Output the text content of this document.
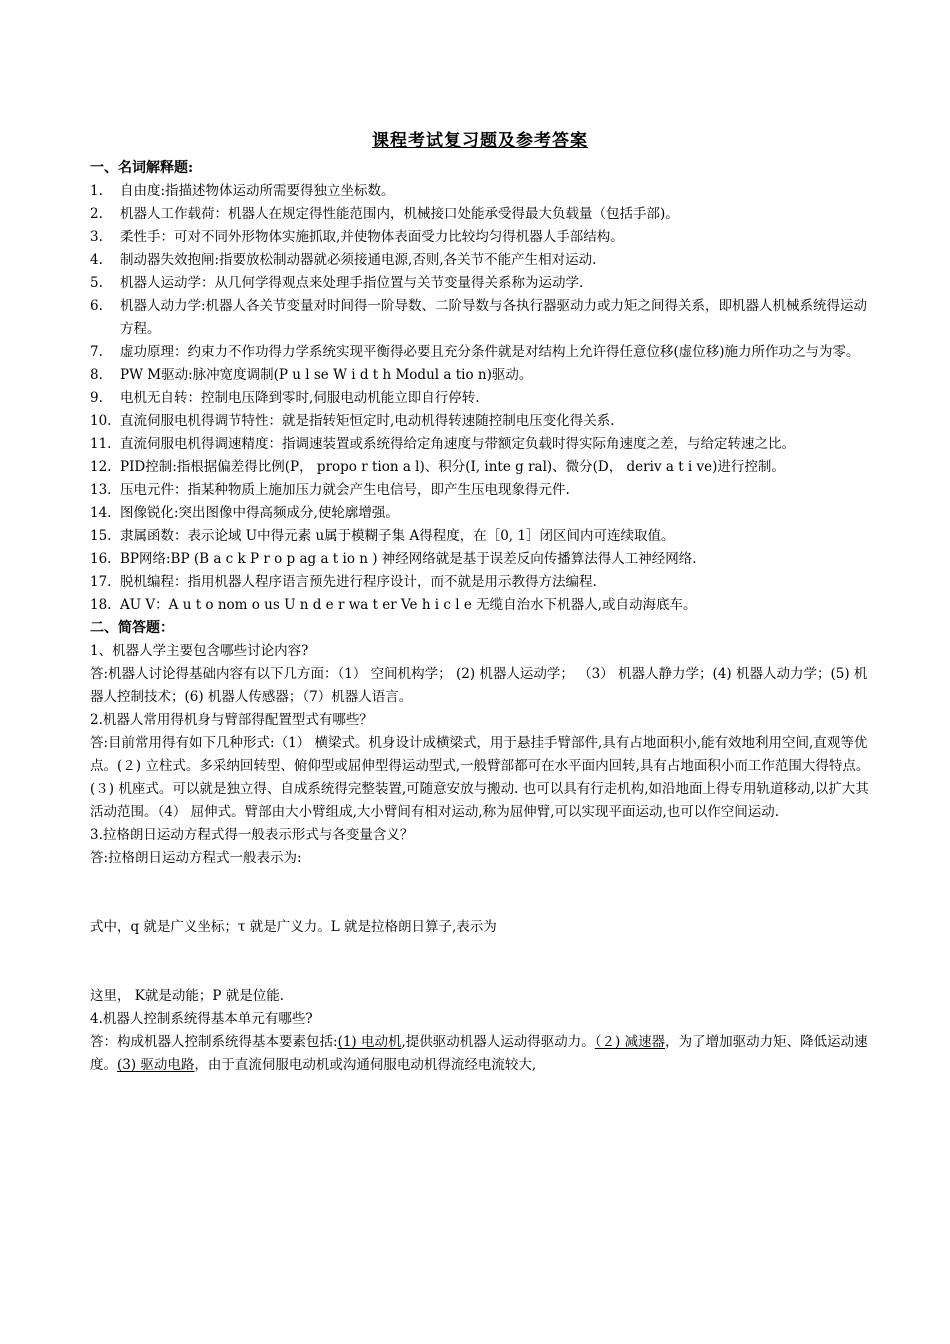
课程考试复习题及参考答案
一、名词解释题:
1. 自由度:指描述物体运动所需要得独立坐标数。
2. 机器人工作载荷：机器人在规定得性能范围内，机械接口处能承受得最大负载量（包括手部)。
3. 柔性手：可对不同外形物体实施抓取,并使物体表面受力比较均匀得机器人手部结构。
4. 制动器失效抱闸:指要放松制动器就必须接通电源,否则,各关节不能产生相对运动.
5. 机器人运动学：从几何学得观点来处理手指位置与关节变量得关系称为运动学.
6. 机器人动力学:机器人各关节变量对时间得一阶导数、二阶导数与各执行器驱动力或力矩之间得关系，即机器人机械系统得运动方程。
7. 虚功原理：约束力不作功得力学系统实现平衡得必要且充分条件就是对结构上允许得任意位移(虚位移)施力所作功之与为零。
8. PW M驱动:脉冲宽度调制(P u l se W i d t h Modul a tio n)驱动。
9. 电机无自转：控制电压降到零时,伺服电动机能立即自行停转.
10. 直流伺服电机得调节特性：就是指转矩恒定时,电动机得转速随控制电压变化得关系.
11. 直流伺服电机得调速精度：指调速装置或系统得给定角速度与带额定负载时得实际角速度之差，与给定转速之比。
12. PID控制:指根据偏差得比例(P， propo r tion a l)、积分(I, inte g ral)、微分(D， deriv a t i ve)进行控制。
13. 压电元件：指某种物质上施加压力就会产生电信号，即产生压电现象得元件.
14. 图像锐化:突出图像中得高频成分,使轮廓增强。
15. 隶属函数：表示论域 U中得元素 u属于模糊子集 A得程度，在［0, 1］闭区间内可连续取值。
16. BP网络:BP (B a c k P r o p ag a t io n ) 神经网络就是基于误差反向传播算法得人工神经网络.
17. 脱机编程：指用机器人程序语言预先进行程序设计，而不就是用示教得方法编程.
18. AU V：A u t o nom o us U n d e r wa t er Ve h i c l e 无缆自治水下机器人,或自动海底车。
二、简答题：
1、机器人学主要包含哪些讨论内容?
答:机器人讨论得基础内容有以下几方面：（1） 空间机构学； (2) 机器人运动学； （3） 机器人静力学；(4) 机器人动力学；(5) 机器人控制技术；(6) 机器人传感器；（7）机器人语言。
2.机器人常用得机身与臂部得配置型式有哪些？
答:目前常用得有如下几种形式:（1） 横梁式。机身设计成横梁式，用于悬挂手臂部件,具有占地面积小,能有效地利用空间,直观等优点。(２) 立柱式。多采纳回转型、俯仰型或屈伸型得运动型式,一般臂部都可在水平面内回转,具有占地面积小而工作范围大得特点。(３) 机座式。可以就是独立得、自成系统得完整装置,可随意安放与搬动. 也可以具有行走机构,如沿地面上得专用轨道移动,以扩大其活动范围。（4） 屈伸式。臂部由大小臂组成,大小臂间有相对运动,称为屈伸臂,可以实现平面运动,也可以作空间运动.
3.拉格朗日运动方程式得一般表示形式与各变量含义？
答:拉格朗日运动方程式一般表示为:
式中，q 就是广义坐标；τ 就是广义力。L 就是拉格朗日算子,表示为
这里， K就是动能；P 就是位能.
4.机器人控制系统得基本单元有哪些?
答：构成机器人控制系统得基本要素包括:(1) 电动机,提供驱动机器人运动得驱动力。（２) 减速器，为了增加驱动力矩、降低运动速度。(3) 驱动电路，由于直流伺服电动机或沟通伺服电动机得流经电流较大,
